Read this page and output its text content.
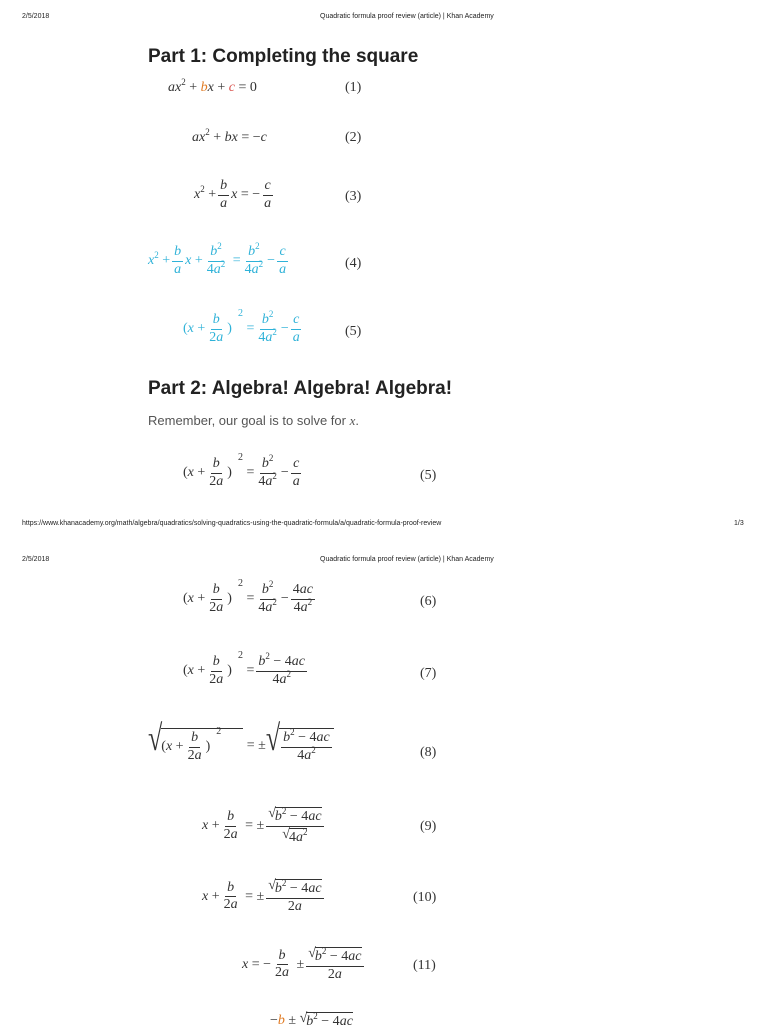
2/5/2018	Quadratic formula proof review (article) | Khan Academy
Part 1: Completing the square
ax 2 + b x + c = 0	(1)
ax 2 + bx = − c	(2)
x $2 + \frac{b}{a}$ x = − $\frac{c}{a}$	(3)
x $2 + \frac{b}{a}$ $x + \frac{b^2}{4a^2} = \frac{b^2}{4a^2} - \frac{c}{a}$	(4)
( $x + \frac{b}{2a}$ )
2
= $\frac{b^2}{4a^2} - \frac{c}{a}$	(5)
Part 2: Algebra! Algebra! Algebra!
Remember, our goal is to solve for x.
( $x + \frac{b}{2a}$ )
2
= $\frac{b^2}{4a^2} - \frac{c}{a}$	(5)
https://www.khanacademy.org/math/algebra/quadratics/solving-quadratics-using-the-quadratic-formula/a/quadratic-formula-proof-review	1/3
2/5/2018	Quadratic formula proof review (article) | Khan Academy
( $x + \frac{b}{2a}$ )
2
= $\frac{b^2}{4a^2} - \frac{4ac}{4a^2}$	(6)
( $x + \frac{b}{2a}$ )
2
= $\frac{b^2 - 4ac}{4a^2}$	(7)
√ ( $x + \frac{b}{2a}$ )
2
= ± √ $\frac{b^2 - 4ac}{4a^2}$	(8)
$x + \frac{b}{2a}$ = ± $\frac{√ b 2 - 4 ac}{√ 4 a 2}$	(9)
$x + \frac{b}{2a}$ = ± $\frac{√ b 2 - 4 ac}{2a}$	(10)
x = − $\frac{b}{2a} \pm \frac{√ b 2 - 4 ac}{2a}$	(11)
− b ± √ b 2 − 4 ac
